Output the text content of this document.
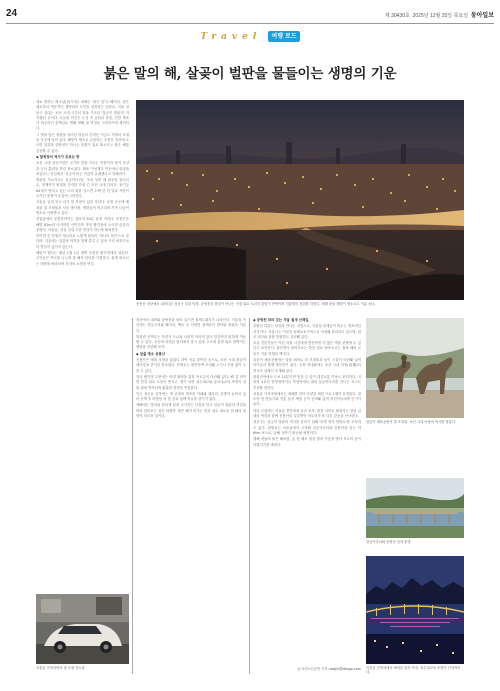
24	제 30430호 2025년 12월 25일 목요일 동아일보
Travel 여행 로드
붉은 말의 해, 살곶이 벌판을 물들이는 생명의 기운

새로 밝히는 병오년(丙午年) 새해는 '붉은 말'의 해이다. 말은 예로부터 역동적인 생명력과 도약을 상징하는 동물로, 서울 성동구 일대는 조선 시대 국가의 말을 기르던 '살곶이 벌판'이 자리했던 곳이다. 오늘날 이곳은 도심 속 공원과 하천, 전망 명소가 어우러진 산책길로 변해 새해 첫 여정을 시작하기에 제격이다.

그 옛날 넓은 벌판을 달리던 말들의 흔적은 지금도 지명과 조형물 곳곳에 남아 있다. 해맞이 명소로 손꼽히는 응봉산 정상에 오르면 한강과 중랑천이 만나는 물줄기 위로 떠오르는 붉은 해를 감상할 수 있다.

◆ 말목장의 역사가 흐르는 땅

조선 시대 살곶이벌은 국가의 말을 기르는 목장이자 왕이 사냥과 군사 훈련을 하던 장소였다. 태조 이성계가 이곳에서 화살을 쏘았다는 전설에서 '살곶이'라는 이름이 유래했다고 전해진다.

벌판을 가로지르는 살곶이다리는 조선 성종 때 완공된 돌다리로, 현재까지 원형을 간직한 가장 긴 조선 시대 다리다. 돌기둥 64개가 받치고 있는 다리 위를 걸으면 수백 년 전 말과 사람이 오가던 풍경이 눈앞에 그려진다.

서울숲 일대 역시 과거 말 목장이 있던 자리다. 공원 곳곳에 배치된 말 조형물과 사슴 방사장, 생태숲이 어우러져 가족 나들이 명소로 사랑받고 있다.

서울숲에서 응봉산까지는 걸어서 30분 남짓 거리다. 응봉산은 해발 81m의 나지막한 산이지만 정상 팔각정에 오르면 한강과 중랑천, 서울숲, 잠실 일대 고층 빌딩이 한눈에 펼쳐진다.

봄이면 산 전체가 개나리로 노랗게 물들어 '개나리 동산'으로 불리며, 겨울에는 일출과 야경을 함께 즐길 수 있어 사진 애호가들의 발길이 끊이지 않는다.

해맞이 행사는 매년 1월 1일 새벽 응봉산 팔각정에서 열린다. 주민들은 떡국을 나누며 한 해의 안녕을 기원하고, 붉게 떠오르는 태양을 바라보며 각자의 소망을 빈다.

서울숲 가족마당의 말 모형 전시물
응봉산 정상에서 내려다본 성동구 일대 야경. 중랑천과 한강이 만나는 지점 위로 도심의 불빛이 반짝이며 겨울밤의 정취를 더한다. 새해 첫날 해맞이 명소로도 이름 높다.

정상에서 내려와 중랑천을 따라 걸으면 철새도래지가 나타난다. 겨울철 이곳에는 청둥오리와 왜가리, 백로 등 다양한 철새들이 찾아와 장관을 이룬다.

하천변 산책로는 자전거 도로와 나란히 이어져 있어 한강까지 편하게 이동할 수 있다. 곳곳에 마련된 쉼터에서 잠시 숨을 고르며 물결 위로 반짝이는 햇살을 감상해 보자.

◆ 일출 명소 응봉산

응봉산은 매의 모양을 닮았다 하여 이름 붙여진 곳으로, 조선 시대 왕들이 매사냥을 즐기던 장소였다. 산책로는 완만하게 조성돼 누구나 부담 없이 오를 수 있다.

정상 팔각정 주변에는 야경 촬영을 위한 포토존이 마련돼 있다. 해 질 녘이면 한강 위로 노을이 번지고, 밤이 되면 성수대교와 동호대교의 조명이 강물 위에 반사되며 황홀한 풍경을 연출한다.

인근 성수동 골목에는 옛 공장을 개조한 카페와 갤러리, 공방이 늘어서 있어 산책 후 따뜻한 차 한 잔과 함께 여유를 즐기기 좋다.

새해에는 말처럼 힘차게 달려 나가자는 다짐을 안고 살곶이 벌판의 옛길을 따라 걸어보는 것은 어떨까. 붉은 해가 비추는 한강 위로 새로운 한 해의 희망이 차오를 것이다.

◆ 중랑천 따라 걷는 겨울 철새 산책길

중랑천 하류는 한강과 만나는 지점으로, 겨울철 철새들이 머무는 대표적인 서식지다. 서울시는 이곳을 철새보호구역으로 지정해 관리하고 있으며, 탐조 데크와 관찰 망원경도 설치돼 있다.

조류 전문가들은 이른 아침 시간대에 방문하면 더 많은 새를 관찰할 수 있다고 조언한다. 물안개가 피어오르는 하천 위로 날아오르는 철새 떼의 모습은 겨울 여행의 백미다.

살곶이 체육공원에는 말을 테마로 한 조형물과 놀이 시설이 마련돼 있어 아이들과 함께 방문하기 좋다. 공원 안내판에는 조선 시대 마장(馬場)의 역사가 상세히 소개돼 있다.

왕십리역에서 도보 15분이면 닿을 수 있어 대중교통 이용도 편리하다. 지하철 2호선 한양대역이나 뚝섬역에서 내려 살곶이다리를 건너는 코스도 추천할 만하다.

서울숲 가족마당에서는 새해를 맞아 다양한 체험 프로그램이 운영된다. 말 모양 연 만들기와 전통 놀이 체험 등이 준비돼 있어 어린이들에게 인기가 높다.

저녁 무렵에는 서울숲 전망대에 올라 보자. 한강 너머로 펼쳐지는 강남 일대의 야경과 함께 응봉산의 실루엣이 어우러져 또 다른 감동을 선사한다.

성동구는 살곶이 벌판의 역사를 알리기 위해 '마장 역사 탐방로'를 조성하고 있다. 탐방로는 서울숲에서 시작해 살곶이다리와 응봉산을 잇는 약 6km 코스로, 올해 상반기 완공될 예정이다.

새해 첫날의 붉은 해처럼, 올 한 해도 힘찬 말의 기운을 받아 모두의 꿈이 이뤄지기를 바란다.

글·사진=신규진 기자 newjin@donga.com
살곶이 체육공원의 말 조형물. 조선 시대 마장의 역사를 담았다.
살곶이다리와 중랑천 일대 풍경.
서울숲 전망대에서 바라본 한강 야경. 성수대교의 조명이 인상적이다.
